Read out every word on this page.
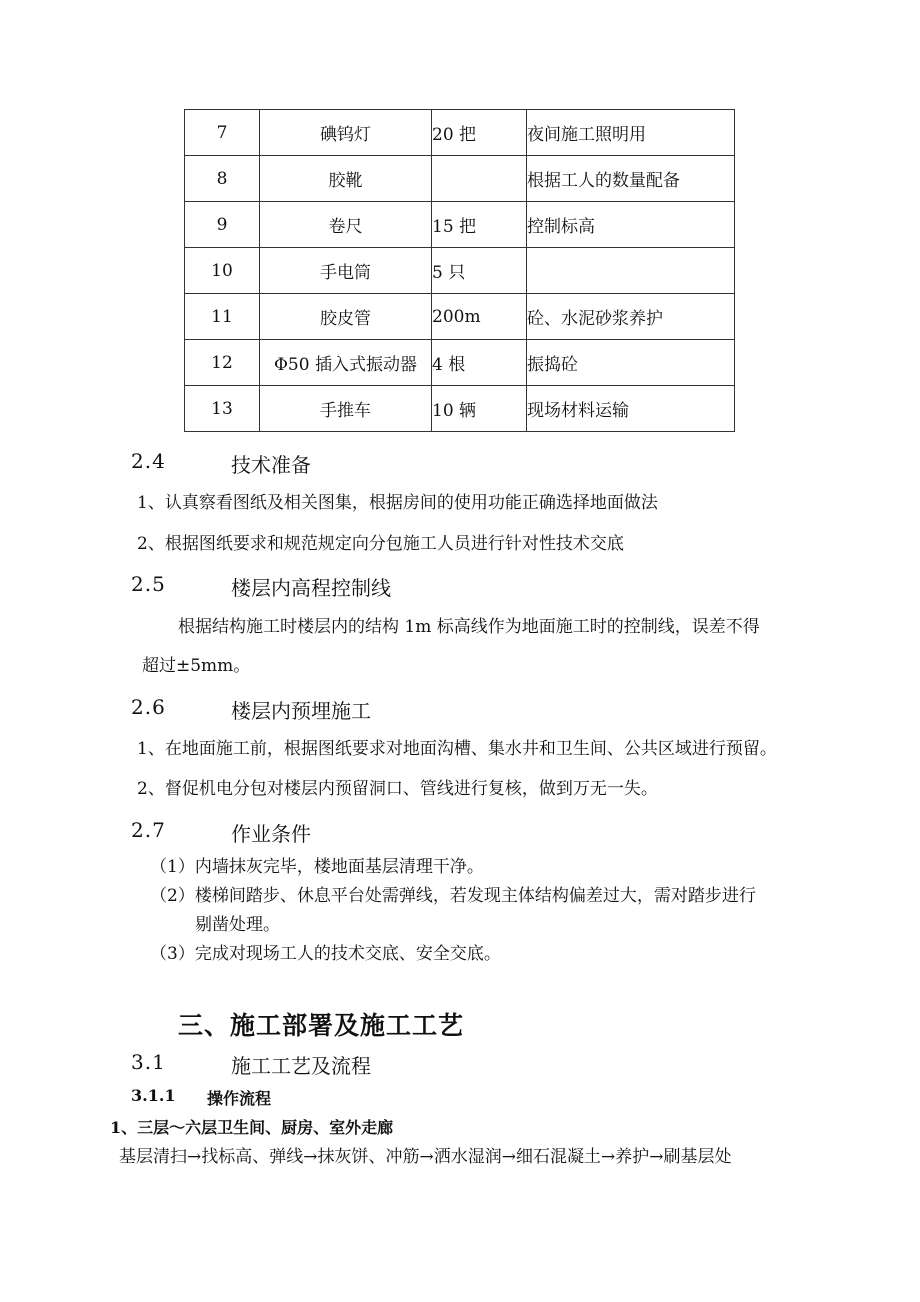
7	碘钨灯	20 把	夜间施工照明用
8	胶靴		根据工人的数量配备
9	卷尺	15 把	控制标高
10	手电筒	5 只	
11	胶皮管	200m	砼、水泥砂浆养护
12	Φ50 插入式振动器	4 根	振捣砼
13	手推车	10 辆	现场材料运输
2.4	技术准备
1、认真察看图纸及相关图集，根据房间的使用功能正确选择地面做法
2、根据图纸要求和规范规定向分包施工人员进行针对性技术交底
2.5	楼层内高程控制线
根据结构施工时楼层内的结构 1m 标高线作为地面施工时的控制线，误差不得
超过±5mm。
2.6	楼层内预埋施工
1、在地面施工前，根据图纸要求对地面沟槽、集水井和卫生间、公共区域进行预留。
2、督促机电分包对楼层内预留洞口、管线进行复核，做到万无一失。
2.7	作业条件
（1）内墙抹灰完毕，楼地面基层清理干净。
（2）楼梯间踏步、休息平台处需弹线，若发现主体结构偏差过大，需对踏步进行
剔凿处理。
（3）完成对现场工人的技术交底、安全交底。
三、施工部署及施工工艺
3.1	施工工艺及流程
3.1.1 操作流程
1、三层～六层卫生间、厨房、室外走廊
基层清扫→找标高、弹线→抹灰饼、冲筋→洒水湿润→细石混凝土→养护→刷基层处
